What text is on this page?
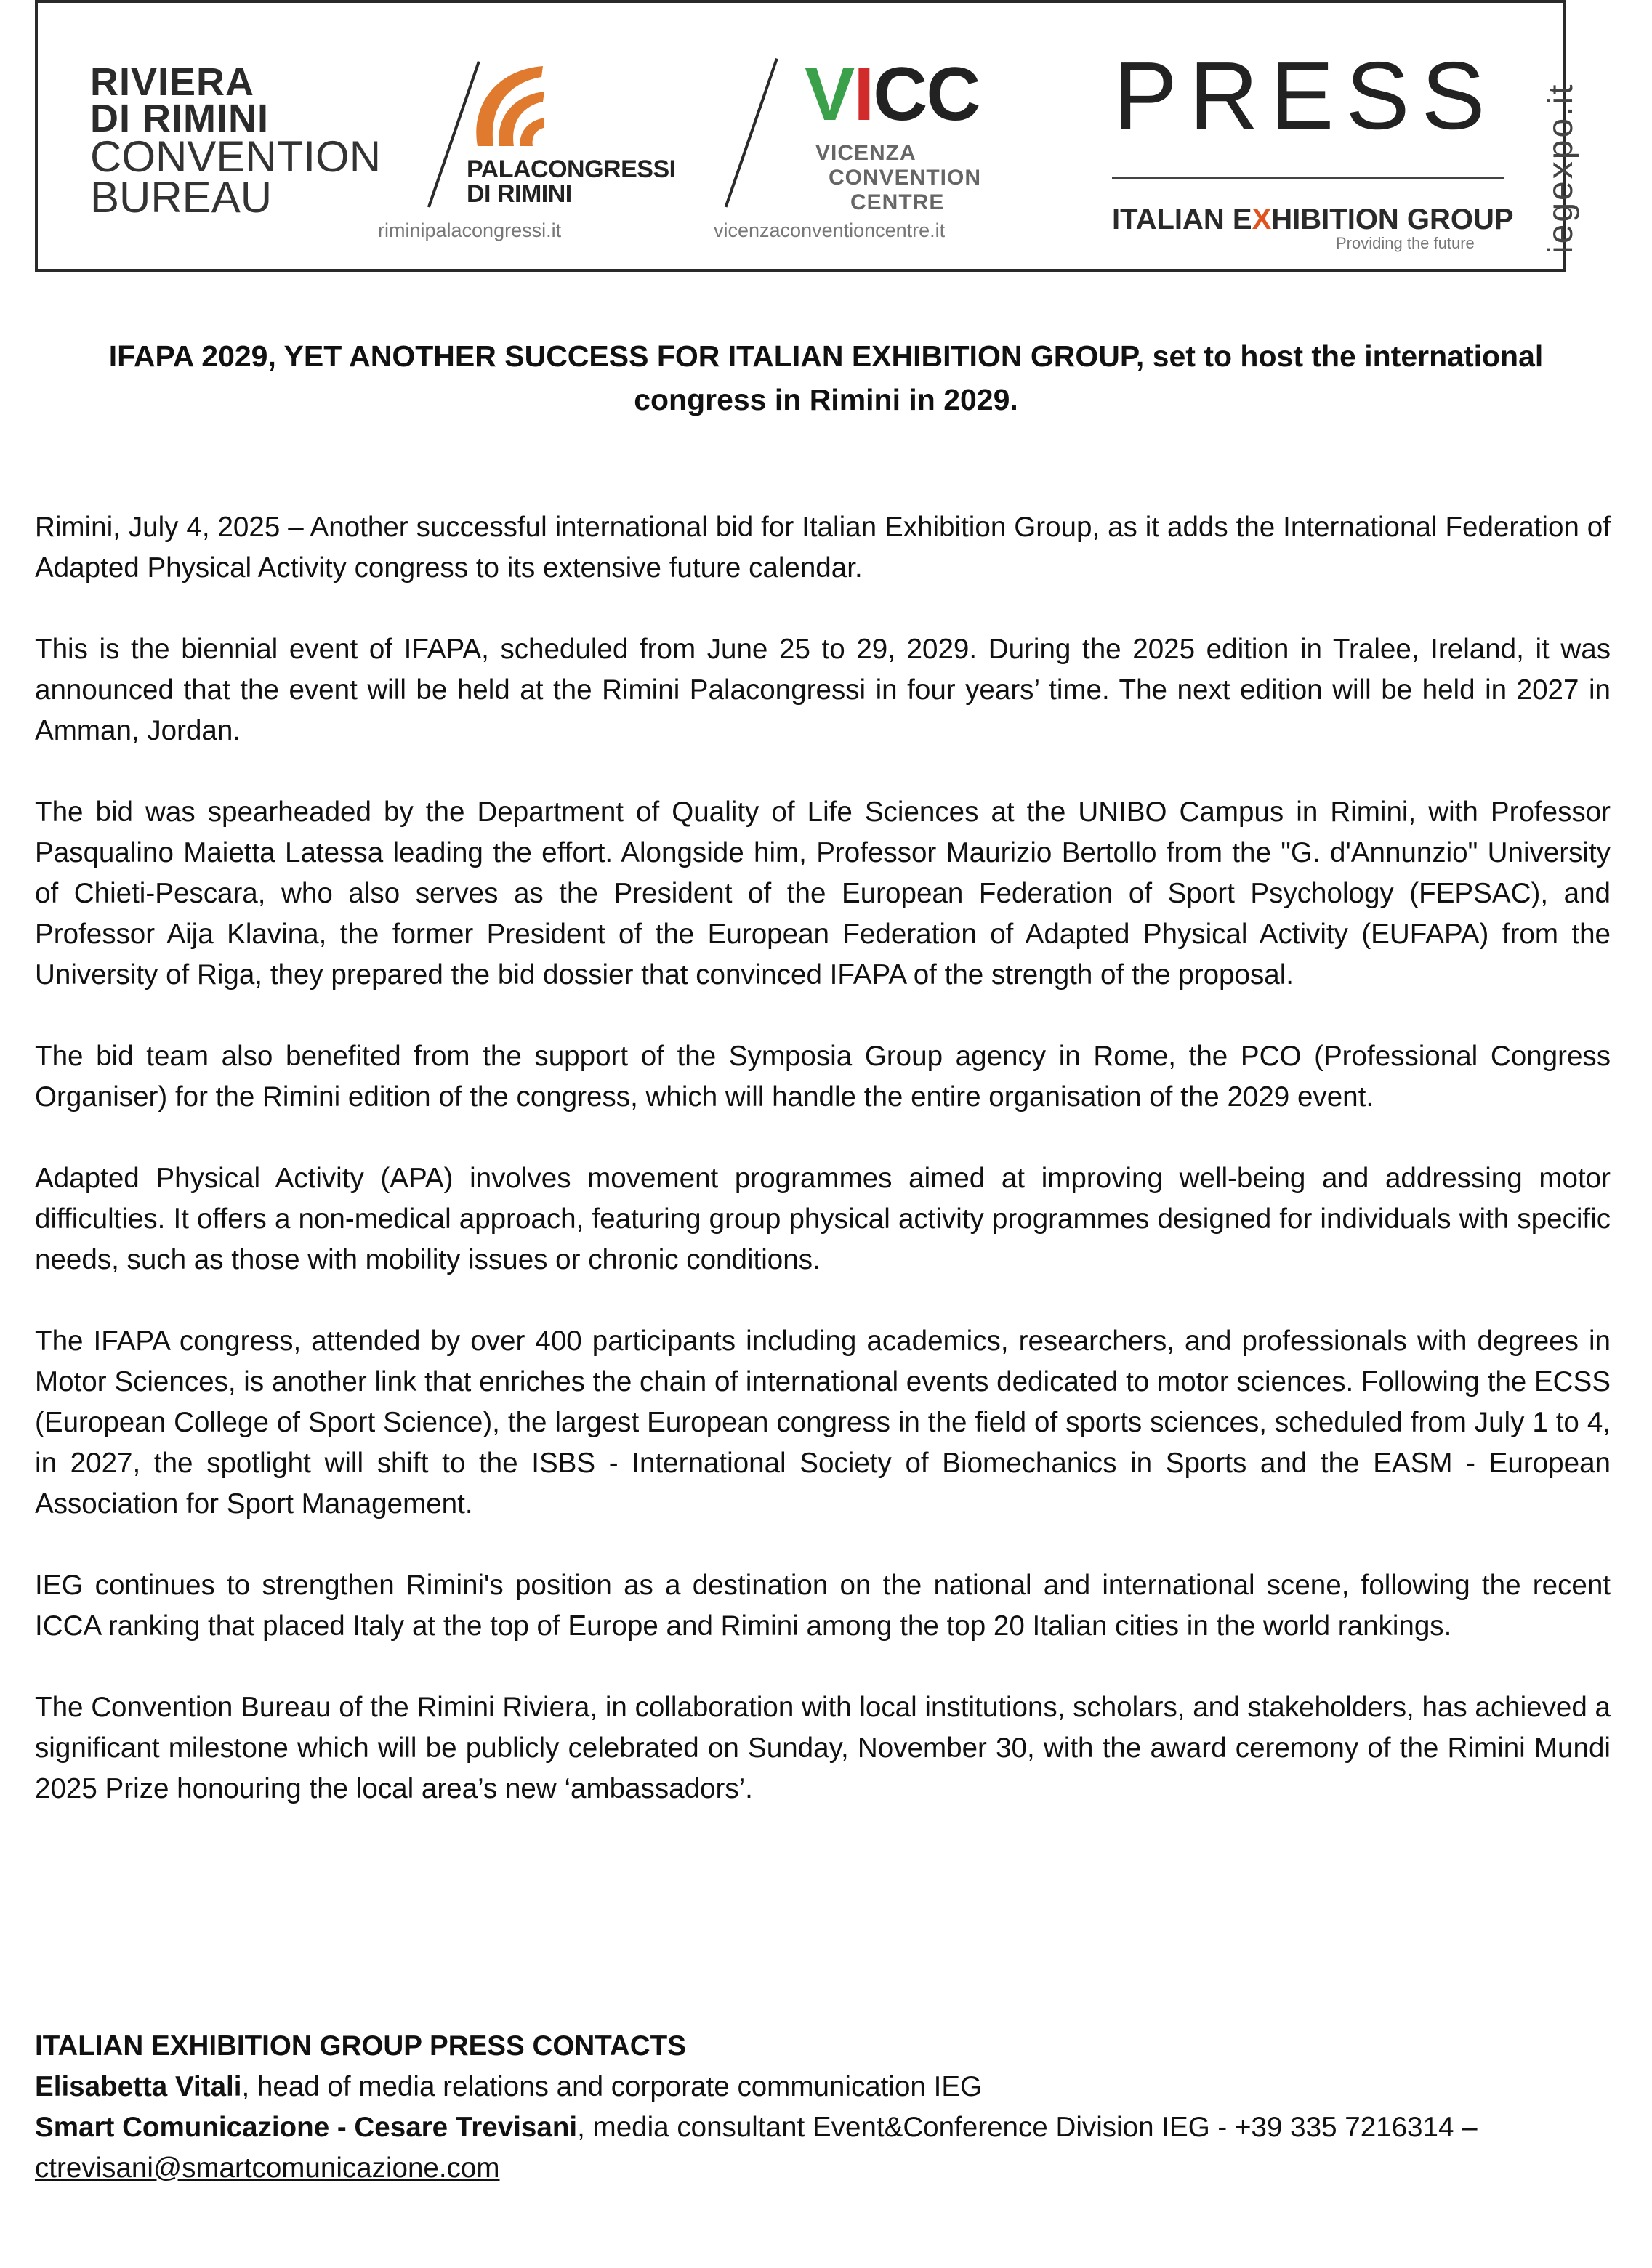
RIVIERA
DI RIMINI
CONVENTION
BUREAU
PALACONGRESSI
DI RIMINI
riminipalacongressi.it
VICC
VICENZA
CONVENTION
CENTRE
vicenzaconventioncentre.it
PRESS
ITALIAN EXHIBITION GROUP
Providing the future iegexpo.it
IFAPA 2029, YET ANOTHER SUCCESS FOR ITALIAN EXHIBITION GROUP, set to host the international congress in Rimini in 2029.

Rimini, July 4, 2025 – Another successful international bid for Italian Exhibition Group, as it adds the International Federation of Adapted Physical Activity congress to its extensive future calendar.

This is the biennial event of IFAPA, scheduled from June 25 to 29, 2029. During the 2025 edition in Tralee, Ireland, it was announced that the event will be held at the Rimini Palacongressi in four years’ time. The next edition will be held in 2027 in Amman, Jordan.

The bid was spearheaded by the Department of Quality of Life Sciences at the UNIBO Campus in Rimini, with Professor Pasqualino Maietta Latessa leading the effort. Alongside him, Professor Maurizio Bertollo from the "G. d'Annunzio" University of Chieti-Pescara, who also serves as the President of the European Federation of Sport Psychology (FEPSAC), and Professor Aija Klavina, the former President of the European Federation of Adapted Physical Activity (EUFAPA) from the University of Riga, they prepared the bid dossier that convinced IFAPA of the strength of the proposal.

The bid team also benefited from the support of the Symposia Group agency in Rome, the PCO (Professional Congress Organiser) for the Rimini edition of the congress, which will handle the entire organisation of the 2029 event.

Adapted Physical Activity (APA) involves movement programmes aimed at improving well-being and addressing motor difficulties. It offers a non-medical approach, featuring group physical activity programmes designed for individuals with specific needs, such as those with mobility issues or chronic conditions.

The IFAPA congress, attended by over 400 participants including academics, researchers, and professionals with degrees in Motor Sciences, is another link that enriches the chain of international events dedicated to motor sciences. Following the ECSS (European College of Sport Science), the largest European congress in the field of sports sciences, scheduled from July 1 to 4, in 2027, the spotlight will shift to the ISBS - International Society of Biomechanics in Sports and the EASM - European Association for Sport Management.

IEG continues to strengthen Rimini's position as a destination on the national and international scene, following the recent ICCA ranking that placed Italy at the top of Europe and Rimini among the top 20 Italian cities in the world rankings.

The Convention Bureau of the Rimini Riviera, in collaboration with local institutions, scholars, and stakeholders, has achieved a significant milestone which will be publicly celebrated on Sunday, November 30, with the award ceremony of the Rimini Mundi 2025 Prize honouring the local area’s new ‘ambassadors’.

ITALIAN EXHIBITION GROUP PRESS CONTACTS
Elisabetta Vitali, head of media relations and corporate communication IEG
Smart Comunicazione - Cesare Trevisani, media consultant Event&Conference Division IEG - +39 335 7216314 –
ctrevisani@smartcomunicazione.com
